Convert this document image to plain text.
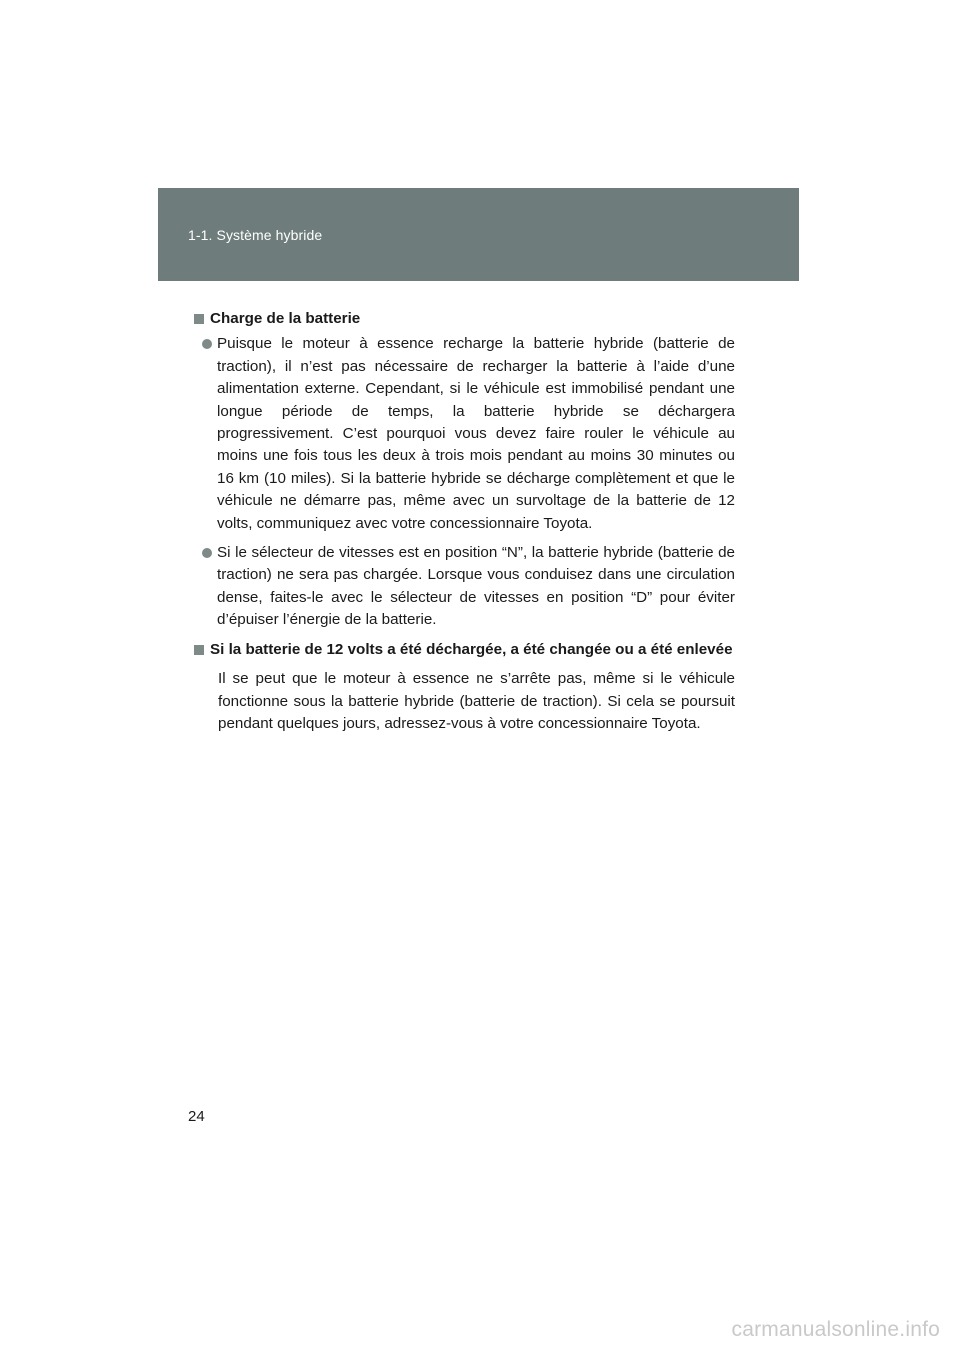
1-1. Système hybride
Charge de la batterie
Puisque le moteur à essence recharge la batterie hybride (batterie de traction), il n’est pas nécessaire de recharger la batterie à l’aide d’une alimentation externe. Cependant, si le véhicule est immobilisé pendant une longue période de temps, la batterie hybride se déchargera progressivement. C’est pourquoi vous devez faire rouler le véhicule au moins une fois tous les deux à trois mois pendant au moins 30 minutes ou 16 km (10 miles). Si la batterie hybride se décharge complètement et que le véhicule ne démarre pas, même avec un survoltage de la batterie de 12 volts, communiquez avec votre concessionnaire Toyota.
Si le sélecteur de vitesses est en position “N”, la batterie hybride (batterie de traction) ne sera pas chargée. Lorsque vous conduisez dans une circulation dense, faites-le avec le sélecteur de vitesses en position “D” pour éviter d’épuiser l’énergie de la batterie.
Si la batterie de 12 volts a été déchargée, a été changée ou a été enlevée

Il se peut que le moteur à essence ne s’arrête pas, même si le véhicule fonctionne sous la batterie hybride (batterie de traction). Si cela se poursuit pendant quelques jours, adressez-vous à votre concessionnaire Toyota.

24
carmanualsonline.info
